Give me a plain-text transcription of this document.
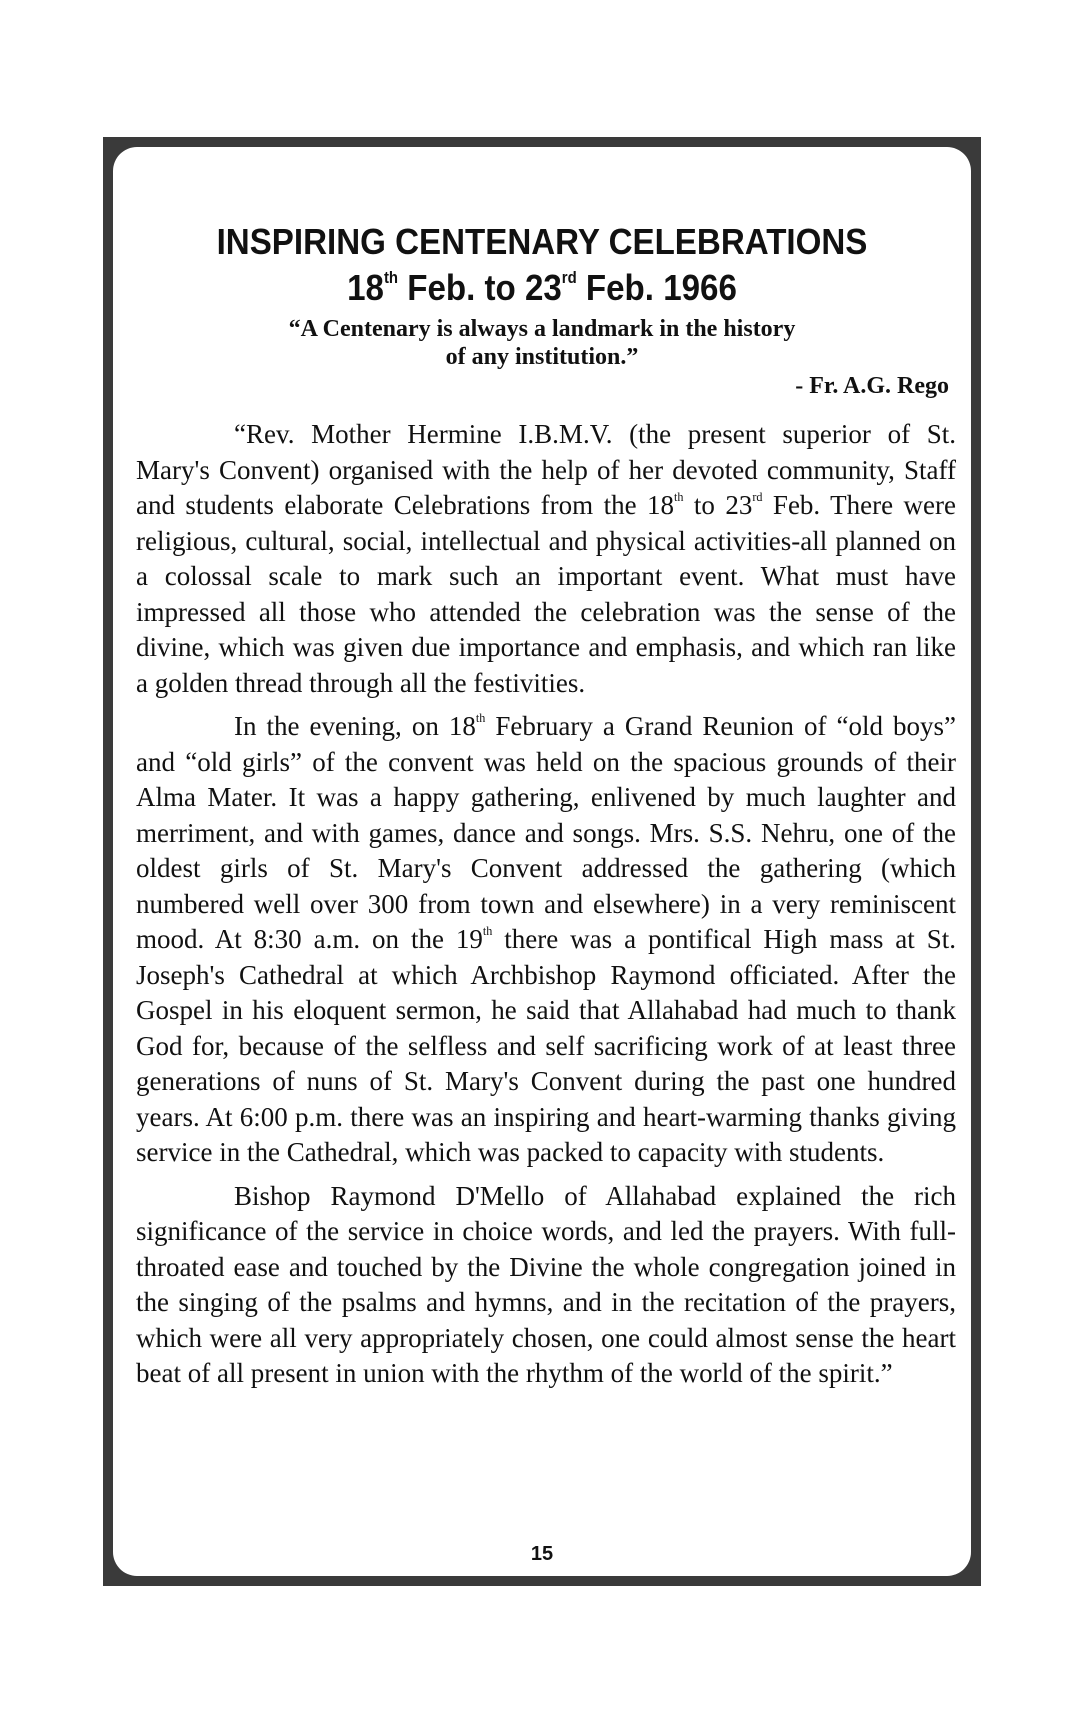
INSPIRING CENTENARY CELEBRATIONS
18th Feb. to 23rd Feb. 1966
“A Centenary is always a landmark in the history
of any institution.”
- Fr. A.G. Rego

“Rev. Mother Hermine I.B.M.V. (the present superior of St. Mary's Convent) organised with the help of her devoted community, Staff and students elaborate Celebrations from the 18th to 23rd Feb. There were religious, cultural, social, intellectual and physical activities-all planned on a colossal scale to mark such an important event. What must have impressed all those who attended the celebration was the sense of the divine, which was given due importance and emphasis, and which ran like a golden thread through all the festivities.

In the evening, on 18th February a Grand Reunion of “old boys” and “old girls” of the convent was held on the spacious grounds of their Alma Mater. It was a happy gathering, enlivened by much laughter and merriment, and with games, dance and songs. Mrs. S.S. Nehru, one of the oldest girls of St. Mary's Convent addressed the gathering (which numbered well over 300 from town and elsewhere) in a very reminiscent mood. At 8:30 a.m. on the 19th there was a pontifical High mass at St. Joseph's Cathedral at which Archbishop Raymond officiated. After the Gospel in his eloquent sermon, he said that Allahabad had much to thank God for, because of the selfless and self sacrificing work of at least three generations of nuns of St. Mary's Convent during the past one hundred years. At 6:00 p.m. there was an inspiring and heart-warming thanks giving service in the Cathedral, which was packed to capacity with students.

Bishop Raymond D'Mello of Allahabad explained the rich significance of the service in choice words, and led the prayers. With full-throated ease and touched by the Divine the whole congregation joined in the singing of the psalms and hymns, and in the recitation of the prayers, which were all very appropriately chosen, one could almost sense the heart beat of all present in union with the rhythm of the world of the spirit.”

15
